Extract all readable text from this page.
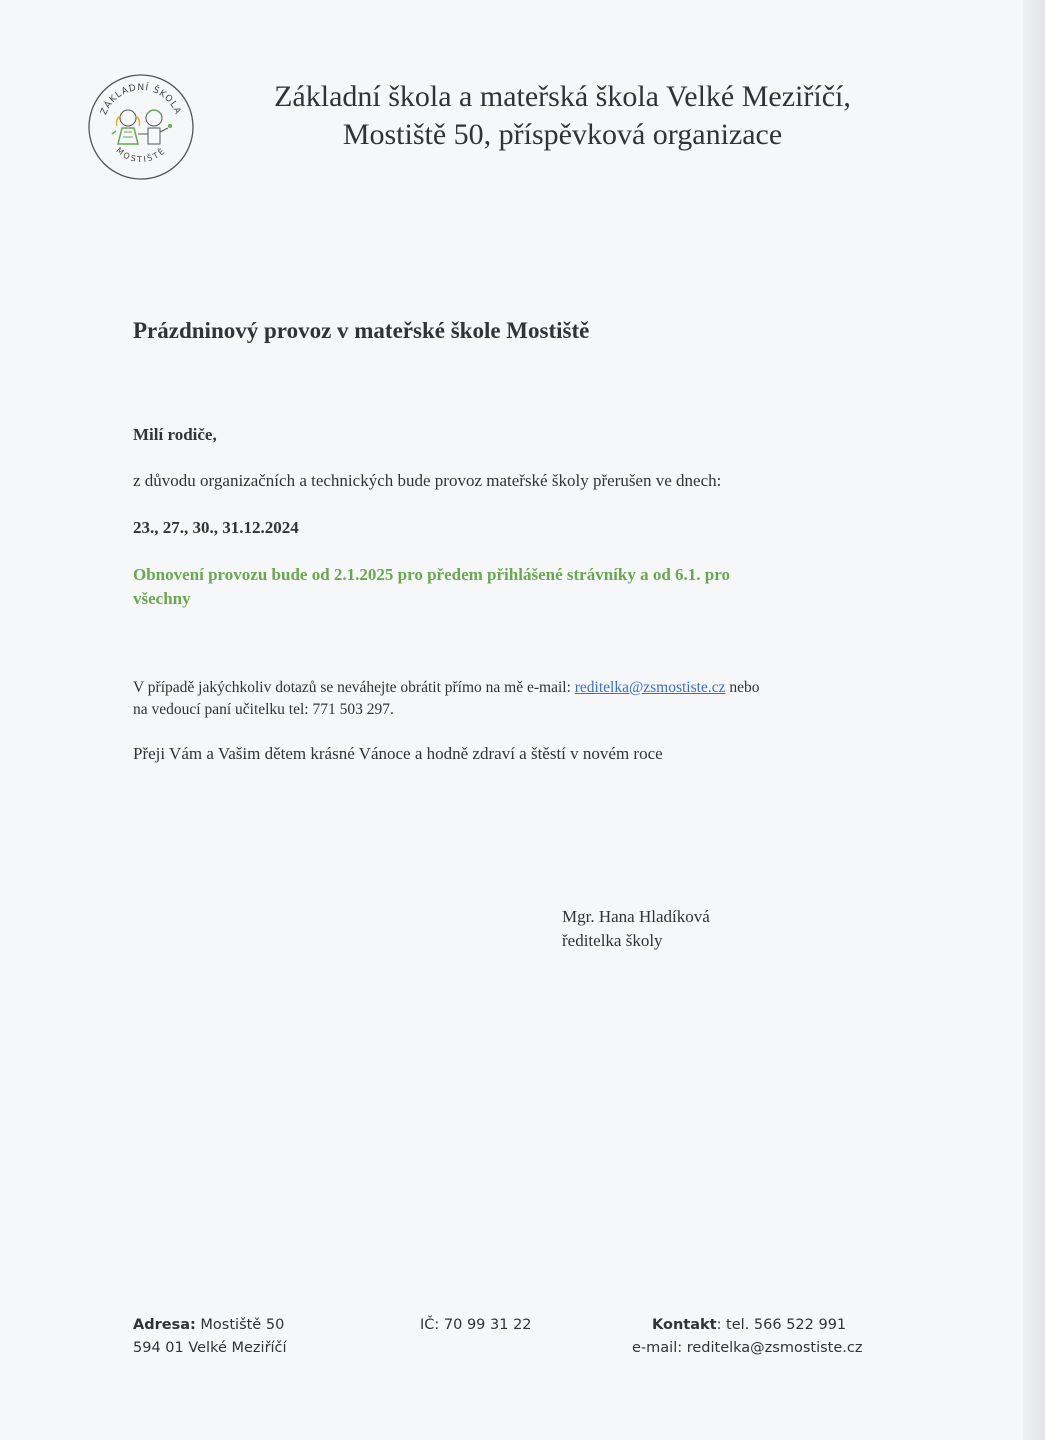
ZÁKLADNÍ ŠKOLA
MOSTIŠTĚ
Základní škola a mateřská škola Velké Meziříčí,
Mostiště 50, příspěvková organizace
Prázdninový provoz v mateřské škole Mostiště
Milí rodiče,
z důvodu organizačních a technických bude provoz mateřské školy přerušen ve dnech:
23., 27., 30., 31.12.2024
Obnovení provozu bude od 2.1.2025 pro předem přihlášené strávníky a od 6.1. pro
všechny
V případě jakýchkoliv dotazů se neváhejte obrátit přímo na mě e-mail: reditelka@zsmostiste.cz nebo
na vedoucí paní učitelku tel: 771 503 297.
Přeji Vám a Vašim dětem krásné Vánoce a hodně zdraví a štěstí v novém roce
Mgr. Hana Hladíková
ředitelka školy
Adresa: Mostiště 50
594 01 Velké Meziříčí
IČ: 70 99 31 22	Kontakt: tel. 566 522 991
e-mail: reditelka@zsmostiste.cz
